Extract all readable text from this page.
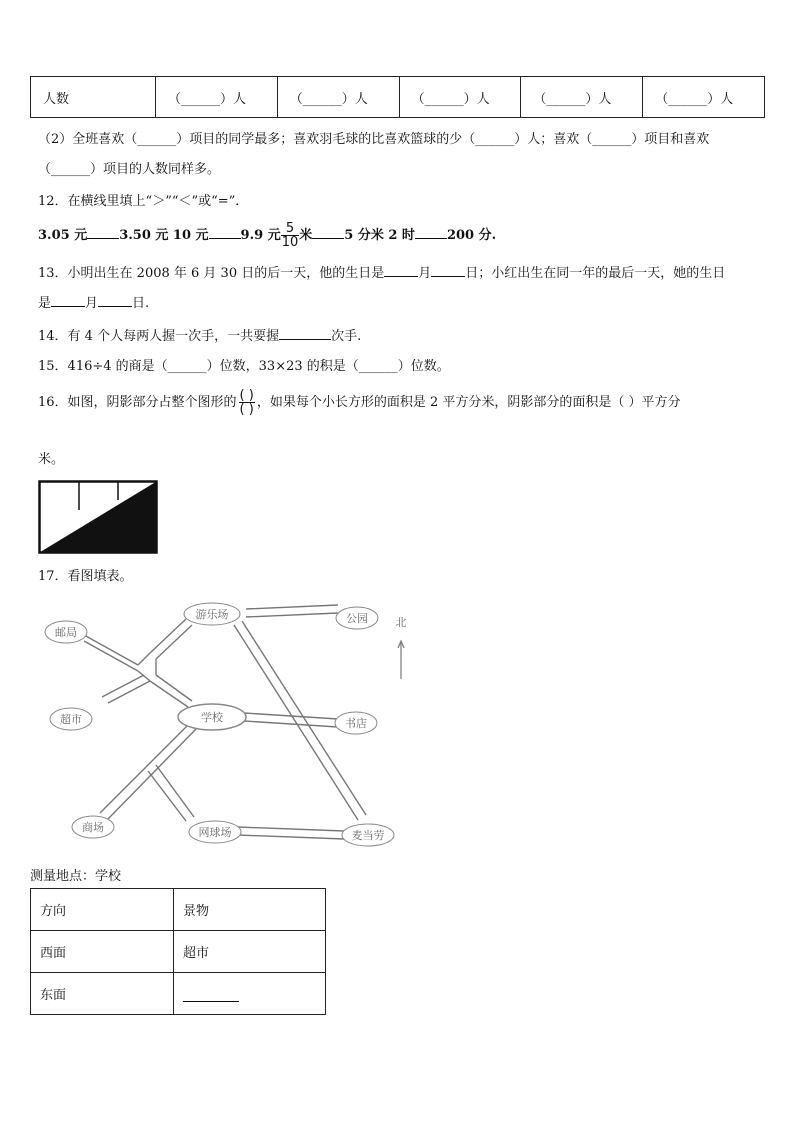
人数	（______）人	（______）人	（______）人	（______）人	（______）人
（2）全班喜欢（______）项目的同学最多；喜欢羽毛球的比喜欢篮球的少（______）人；喜欢（______）项目和喜欢
（______）项目的人数同样多。
12．在横线里填上“＞”“＜”或“=”．
3.05 元 3.50 元 10 元 9.9 元 $\frac{5}{10}$ 米 5 分米 2 时 200 分.
13．小明出生在 2008 年 6 月 30 日的后一天，他的生日是	月	日；小红出生在同一年的最后一天，她的生日
是	月	日.
14．有 4 个人每两人握一次手，一共要握	次手.
15．416÷4 的商是（______）位数，33×23 的积是（______）位数。
16．如图，阴影部分占整个图形的 $\frac{( )}{( )}$ ，如果每个小长方形的面积是 2 平方分米，阴影部分的面积是（ ）平方分
米。
17．看图填表。
邮局
游乐场	公园
超市	学校	书店
商场	网球场	麦当劳
北
测量地点：学校
方向	景物
西面	超市
东面	
